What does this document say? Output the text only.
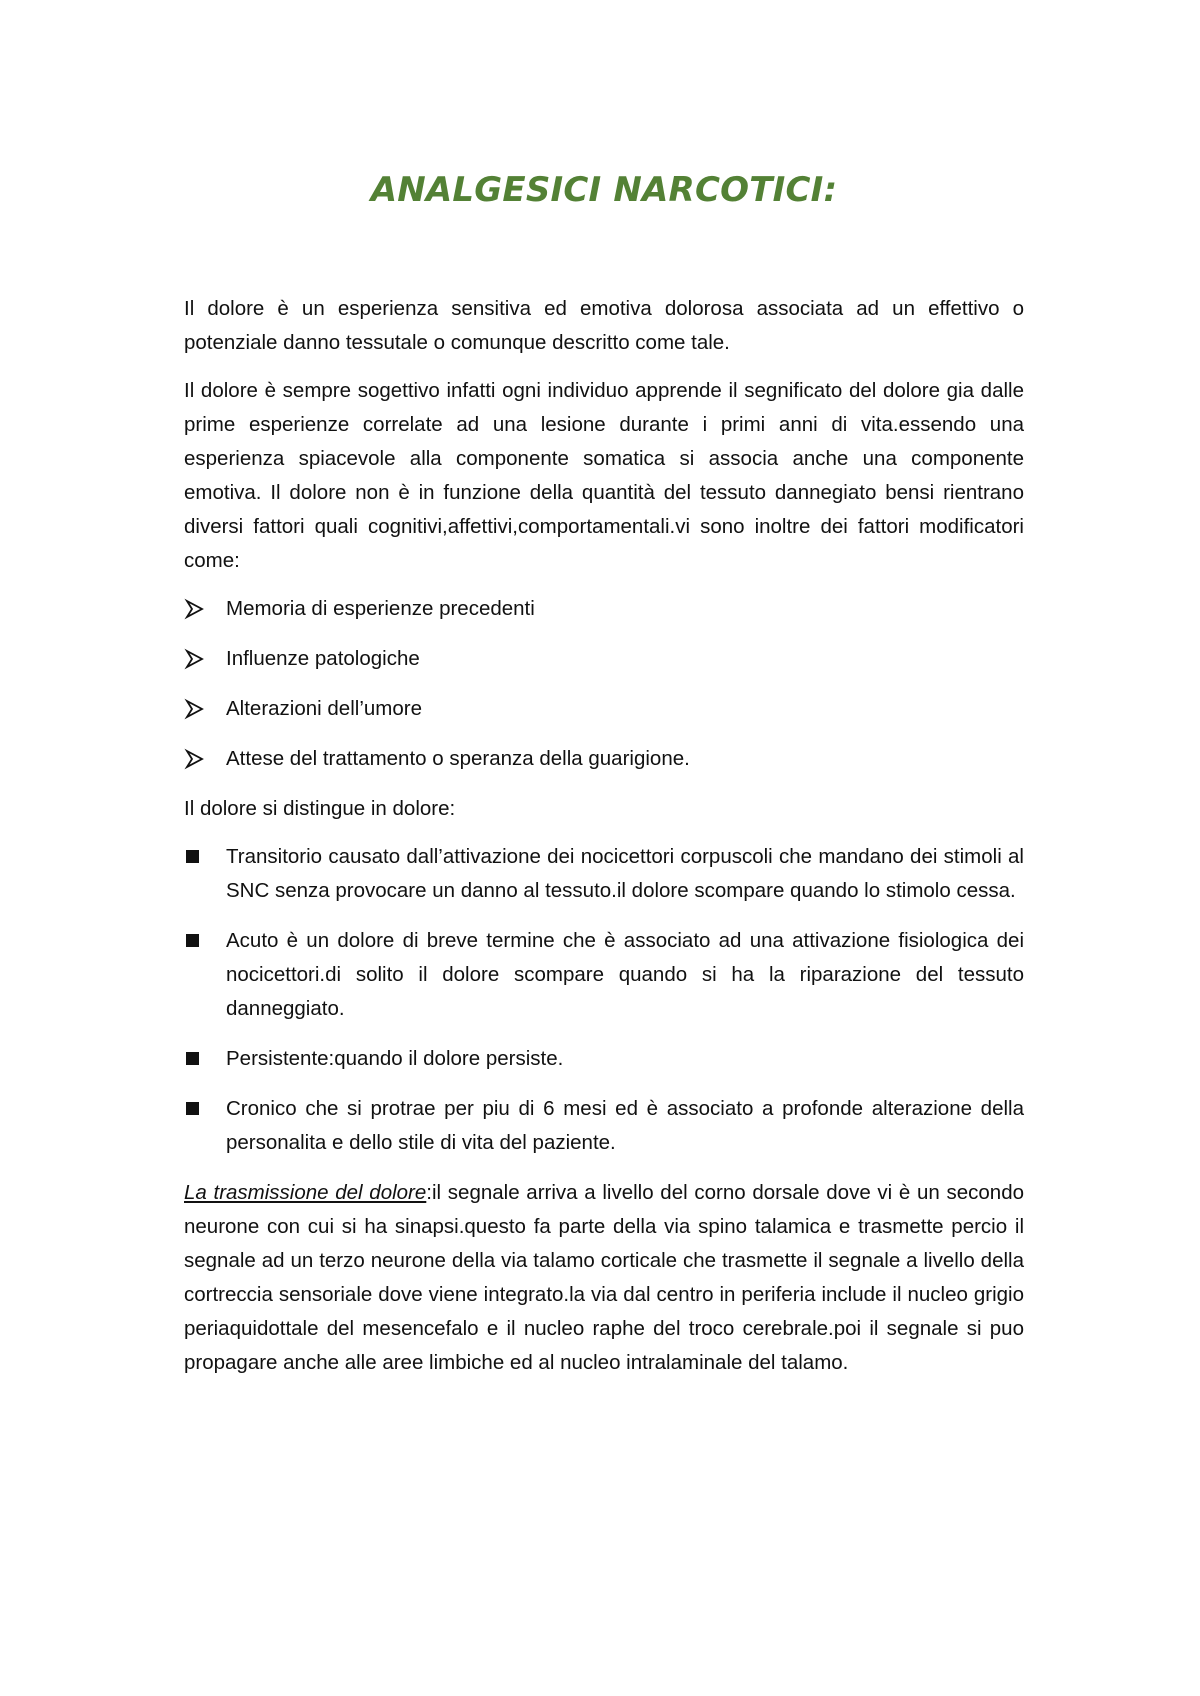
ANALGESICI NARCOTICI:

Il dolore è un esperienza sensitiva ed emotiva dolorosa associata ad un effettivo o potenziale danno tessutale o comunque descritto come tale.

Il dolore è sempre sogettivo infatti ogni individuo apprende il segnificato del dolore gia dalle prime esperienze correlate ad una lesione durante i primi anni di vita.essendo una esperienza spiacevole alla componente somatica si associa anche una componente emotiva. Il dolore non è in funzione della quantità del tessuto dannegiato bensi rientrano diversi fattori quali cognitivi,affettivi,comportamentali.vi sono inoltre dei fattori modificatori come:

Memoria di esperienze precedenti
Influenze patologiche
Alterazioni dell’umore
Attese del trattamento o speranza della guarigione.

Il dolore si distingue in dolore:

Transitorio causato dall’attivazione dei nocicettori corpuscoli che mandano dei stimoli al SNC senza provocare un danno al tessuto.il dolore scompare quando lo stimolo cessa.
Acuto è un dolore di breve termine che è associato ad una attivazione fisiologica dei nocicettori.di solito il dolore scompare quando si ha la riparazione del tessuto danneggiato.
Persistente:quando il dolore persiste.
Cronico che si protrae per piu di 6 mesi ed è associato a profonde alterazione della personalita e dello stile di vita del paziente.

La trasmissione del dolore:il segnale arriva a livello del corno dorsale dove vi è un secondo neurone con cui si ha sinapsi.questo fa parte della via spino talamica e trasmette percio il segnale ad un terzo neurone della via talamo corticale che trasmette il segnale a livello della cortreccia sensoriale dove viene integrato.la via dal centro in periferia include il nucleo grigio periaquidottale del mesencefalo e il nucleo raphe del troco cerebrale.poi il segnale si puo propagare anche alle aree limbiche ed al nucleo intralaminale del talamo.
